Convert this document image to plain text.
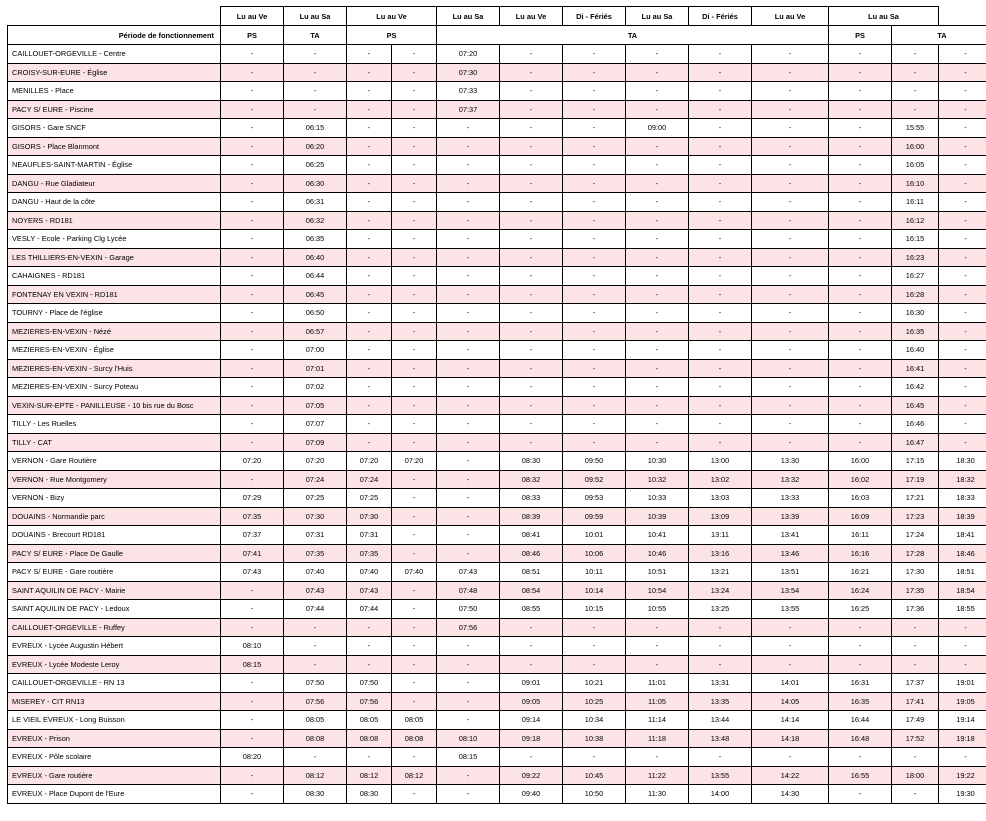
	Lu au Ve	Lu au Sa	Lu au Ve		Lu au Sa	Lu au Ve	Di - Fériés	Lu au Sa	Di - Fériés	Lu au Ve	Lu au Sa		
Période de fonctionnement	PS	TA	PS		TA						PS	TA	
CAILLOUET-ORGEVILLE - Centre	-	-	-	-	07:20	-	-	-	-	-	-	-	-
CROISY-SUR-EURE - Église	-	-	-	-	07:30	-	-	-	-	-	-	-	-
MENILLES - Place	-	-	-	-	07:33	-	-	-	-	-	-	-	-
PACY S/ EURE - Piscine	-	-	-	-	07:37	-	-	-	-	-	-	-	-
GISORS - Gare SNCF	-	06:15	-	-	-	-	-	09:00	-	-	-	15:55	-
GISORS - Place Blanmont	-	06:20	-	-	-	-	-	-	-	-	-	16:00	-
NEAUFLES-SAINT-MARTIN - Église	-	06:25	-	-	-	-	-	-	-	-	-	16:05	-
DANGU - Rue Gladiateur	-	06:30	-	-	-	-	-	-	-	-	-	16:10	-
DANGU - Haut de la côte	-	06:31	-	-	-	-	-	-	-	-	-	16:11	-
NOYERS - RD181	-	06:32	-	-	-	-	-	-	-	-	-	16:12	-
VESLY - Ecole - Parking Clg Lycée	-	06:35	-	-	-	-	-	-	-	-	-	16:15	-
LES THILLIERS-EN-VEXIN - Garage	-	06:40	-	-	-	-	-	-	-	-	-	16:23	-
CAHAIGNES - RD181	-	06:44	-	-	-	-	-	-	-	-	-	16:27	-
FONTENAY EN VEXIN - RD181	-	06:45	-	-	-	-	-	-	-	-	-	16:28	-
TOURNY - Place de l'église	-	06:50	-	-	-	-	-	-	-	-	-	16:30	-
MEZIERES-EN-VEXIN - Nézé	-	06:57	-	-	-	-	-	-	-	-	-	16:35	-
MEZIERES-EN-VEXIN - Église	-	07:00	-	-	-	-	-	-	-	-	-	16:40	-
MEZIERES-EN-VEXIN - Surcy l'Huis	-	07:01	-	-	-	-	-	-	-	-	-	16:41	-
MEZIERES-EN-VEXIN - Surcy Poteau	-	07:02	-	-	-	-	-	-	-	-	-	16:42	-
VEXIN-SUR-EPTE - PANILLEUSE - 10 bis rue du Bosc	-	07:05	-	-	-	-	-	-	-	-	-	16:45	-
TILLY - Les Ruelles	-	07:07	-	-	-	-	-	-	-	-	-	16:46	-
TILLY - CAT	-	07:09	-	-	-	-	-	-	-	-	-	16:47	-
VERNON - Gare Routière	07:20	07:20	07:20	07:20	-	08:30	09:50	10:30	13:00	13:30	16:00	17:15	18:30
VERNON - Rue Montgomery	-	07:24	07:24	-	-	08:32	09:52	10:32	13:02	13:32	16:02	17:19	18:32
VERNON - Bizy	07:29	07:25	07:25	-	-	08:33	09:53	10:33	13:03	13:33	16:03	17:21	18:33
DOUAINS - Normandie parc	07:35	07:30	07:30	-	-	08:39	09:59	10:39	13:09	13:39	16:09	17:23	18:39
DOUAINS - Brecourt RD181	07:37	07:31	07:31	-	-	08:41	10:01	10:41	13:11	13:41	16:11	17:24	18:41
PACY S/ EURE - Place De Gaulle	07:41	07:35	07:35	-	-	08:46	10:06	10:46	13:16	13:46	16:16	17:28	18:46
PACY S/ EURE - Gare routière	07:43	07:40	07:40	07:40	07:43	08:51	10:11	10:51	13:21	13:51	16:21	17:30	18:51
SAINT AQUILIN DE PACY - Mairie	-	07:43	07:43	-	07:48	08:54	10:14	10:54	13:24	13:54	16:24	17:35	18:54
SAINT AQUILIN DE PACY - Ledoux	-	07:44	07:44	-	07:50	08:55	10:15	10:55	13:25	13:55	16:25	17:36	18:55
CAILLOUET-ORGEVILLE - Ruffey	-	-	-	-	07:56	-	-	-	-	-	-	-	-
EVREUX - Lycée Augustin Hébert	08:10	-	-	-	-	-	-	-	-	-	-	-	-
EVREUX - Lycée Modeste Leroy	08:15	-	-	-	-	-	-	-	-	-	-	-	-
CAILLOUET-ORGEVILLE - RN 13	-	07:50	07:50	-	-	09:01	10:21	11:01	13:31	14:01	16:31	17:37	19:01
MISEREY - CIT RN13	-	07:56	07:56	-	-	09:05	10:25	11:05	13:35	14:05	16:35	17:41	19:05
LE VIEIL EVREUX - Long Buisson	-	08:05	08:05	08:05	-	09:14	10:34	11:14	13:44	14:14	16:44	17:49	19:14
EVREUX - Prison	-	08:08	08:08	08:08	08:10	09:18	10:38	11:18	13:48	14:18	16:48	17:52	19:18
EVREUX - Pôle scolaire	08:20	-	-	-	08:15	-	-	-	-	-	-	-	-
EVREUX - Gare routière	-	08:12	08:12	08:12	-	09:22	10:45	11:22	13:55	14:22	16:55	18:00	19:22
EVREUX - Place Dupont de l'Eure	-	08:30	08:30	-	-	09:40	10:50	11:30	14:00	14:30	-	-	19:30
